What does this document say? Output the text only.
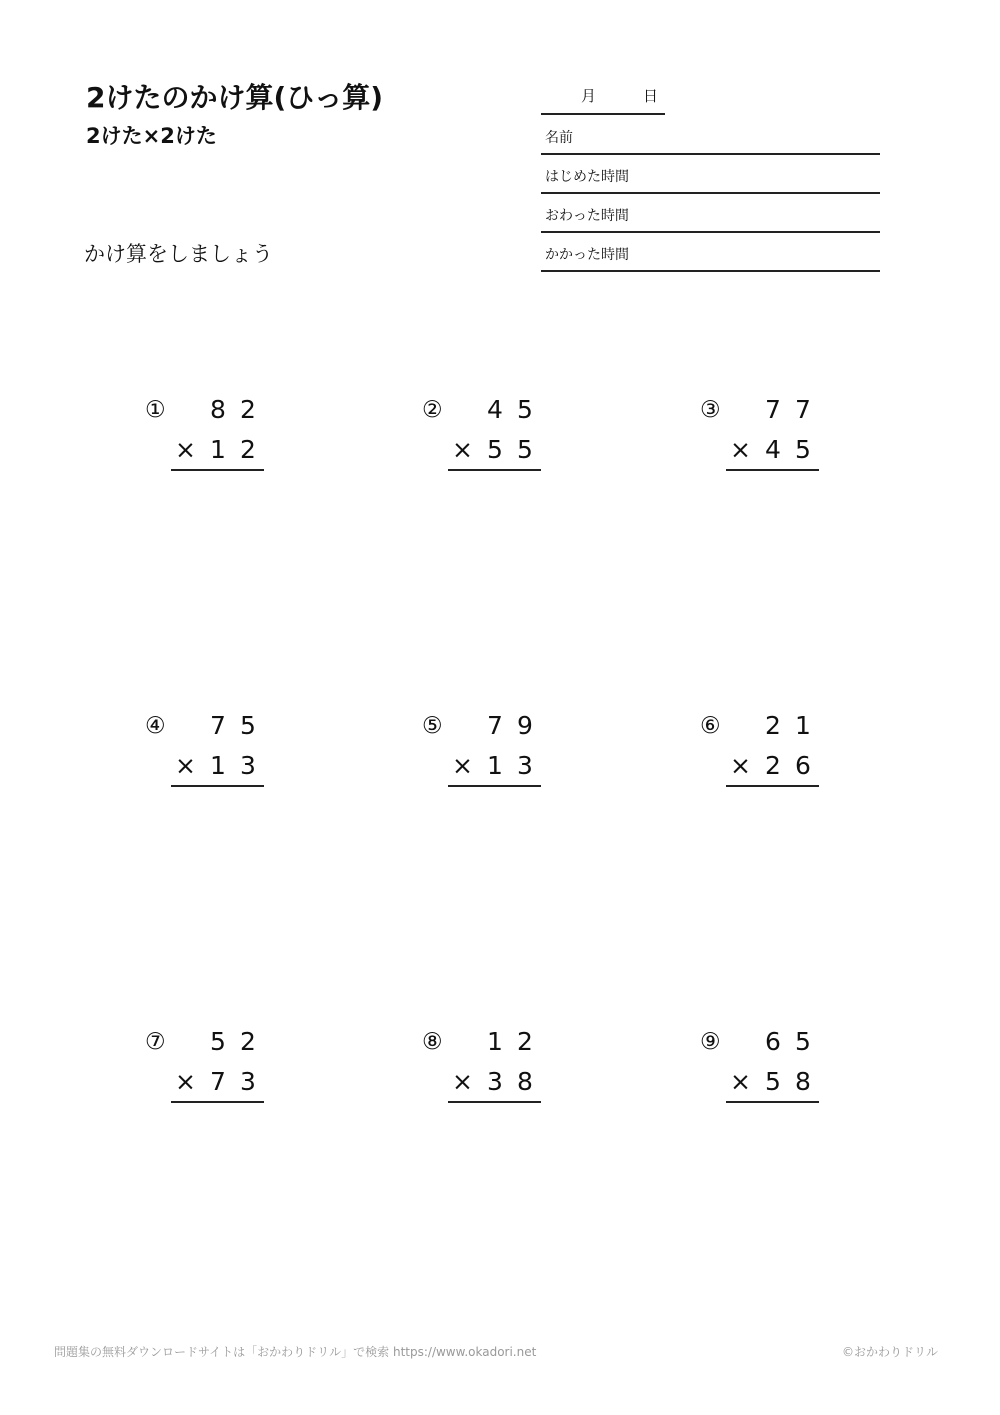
2けたのかけ算(ひっ算)
2けた×2けた
かけ算をしましょう
月	日
名前
はじめた時間
おわった時間
かかった時間
① 8 2
1 2
×
② 4 5
5 5
×
③ 7 7
4 5
×
④ 7 5
1 3
×
⑤ 7 9
1 3
×
⑥ 2 1
2 6
×
⑦ 5 2
7 3
×
⑧ 1 2
3 8
×
⑨ 6 5
5 8
×
問題集の無料ダウンロードサイトは「おかわりドリル」で検索 https://www.okadori.net	©おかわりドリル
